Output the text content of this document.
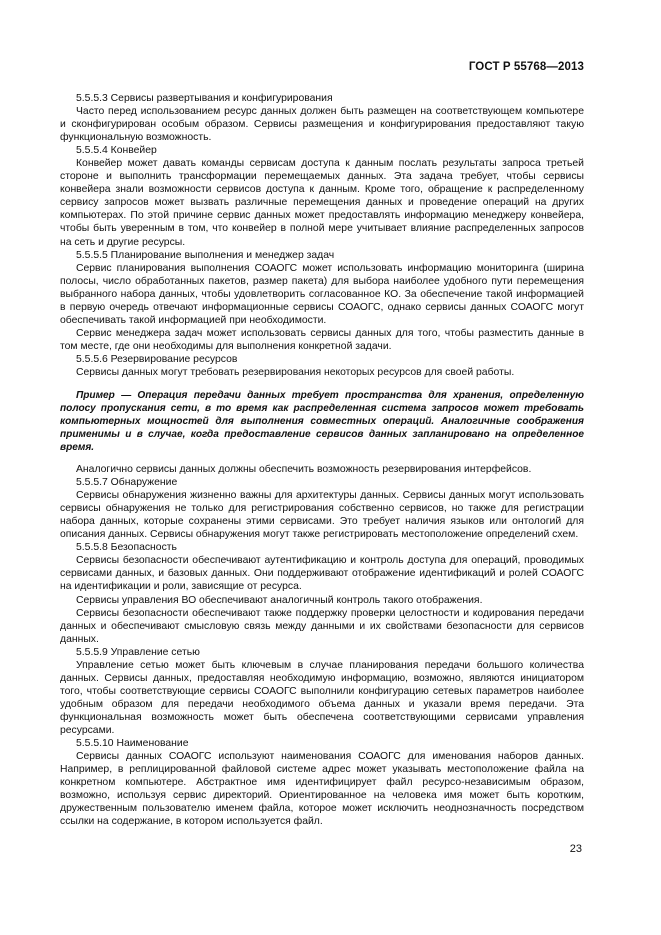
ГОСТ Р 55768—2013

5.5.5.3 Сервисы развертывания и конфигурирования

Часто перед использованием ресурс данных должен быть размещен на соответствующем компьютере и сконфигурирован особым образом. Сервисы размещения и конфигурирования предоставляют такую функциональную возможность.

5.5.5.4 Конвейер

Конвейер может давать команды сервисам доступа к данным послать результаты запроса третьей стороне и выполнить трансформации перемещаемых данных. Эта задача требует, чтобы сервисы конвейера знали возможности сервисов доступа к данным. Кроме того, обращение к распределенному сервису запросов может вызвать различные перемещения данных и проведение операций на других компьютерах. По этой причине сервис данных может предоставлять информацию менеджеру конвейера, чтобы быть уверенным в том, что конвейер в полной мере учитывает влияние распределенных запросов на сеть и другие ресурсы.

5.5.5.5 Планирование выполнения и менеджер задач

Сервис планирования выполнения СОАОГС может использовать информацию мониторинга (ширина полосы, число обработанных пакетов, размер пакета) для выбора наиболее удобного пути перемещения выбранного набора данных, чтобы удовлетворить согласованное КО. За обеспечение такой информацией в первую очередь отвечают информационные сервисы СОАОГС, однако сервисы данных СОАОГС могут обеспечивать такой информацией при необходимости.

Сервис менеджера задач может использовать сервисы данных для того, чтобы разместить данные в том месте, где они необходимы для выполнения конкретной задачи.

5.5.5.6 Резервирование ресурсов

Сервисы данных могут требовать резервирования некоторых ресурсов для своей работы.

Пример — Операция передачи данных требует пространства для хранения, определенную полосу пропускания сети, в то время как распределенная система запросов может требовать компьютерных мощностей для выполнения совместных операций. Аналогичные соображения применимы и в случае, когда предоставление сервисов данных запланировано на определенное время.

Аналогично сервисы данных должны обеспечить возможность резервирования интерфейсов.

5.5.5.7 Обнаружение

Сервисы обнаружения жизненно важны для архитектуры данных. Сервисы данных могут использовать сервисы обнаружения не только для регистрирования собственно сервисов, но также для регистрации набора данных, которые сохранены этими сервисами. Это требует наличия языков или онтологий для описания данных. Сервисы обнаружения могут также регистрировать местоположение определений схем.

5.5.5.8 Безопасность

Сервисы безопасности обеспечивают аутентификацию и контроль доступа для операций, проводимых сервисами данных, и базовых данных. Они поддерживают отображение идентификаций и ролей СОАОГС на идентификации и роли, зависящие от ресурса.

Сервисы управления ВО обеспечивают аналогичный контроль такого отображения.

Сервисы безопасности обеспечивают также поддержку проверки целостности и кодирования передачи данных и обеспечивают смысловую связь между данными и их свойствами безопасности для сервисов данных.

5.5.5.9 Управление сетью

Управление сетью может быть ключевым в случае планирования передачи большого количества данных. Сервисы данных, предоставляя необходимую информацию, возможно, являются инициатором того, чтобы соответствующие сервисы СОАОГС выполнили конфигурацию сетевых параметров наиболее удобным образом для передачи необходимого объема данных и указали время передачи. Эта функциональная возможность может быть обеспечена соответствующими сервисами управления ресурсами.

5.5.5.10 Наименование

Сервисы данных СОАОГС используют наименования СОАОГС для именования наборов данных. Например, в реплицированной файловой системе адрес может указывать местоположение файла на конкретном компьютере. Абстрактное имя идентифицирует файл ресурсо-независимым образом, возможно, используя сервис директорий. Ориентированное на человека имя может быть коротким, дружественным пользователю именем файла, которое может исключить неоднозначность посредством ссылки на содержание, в котором используется файл.

23
